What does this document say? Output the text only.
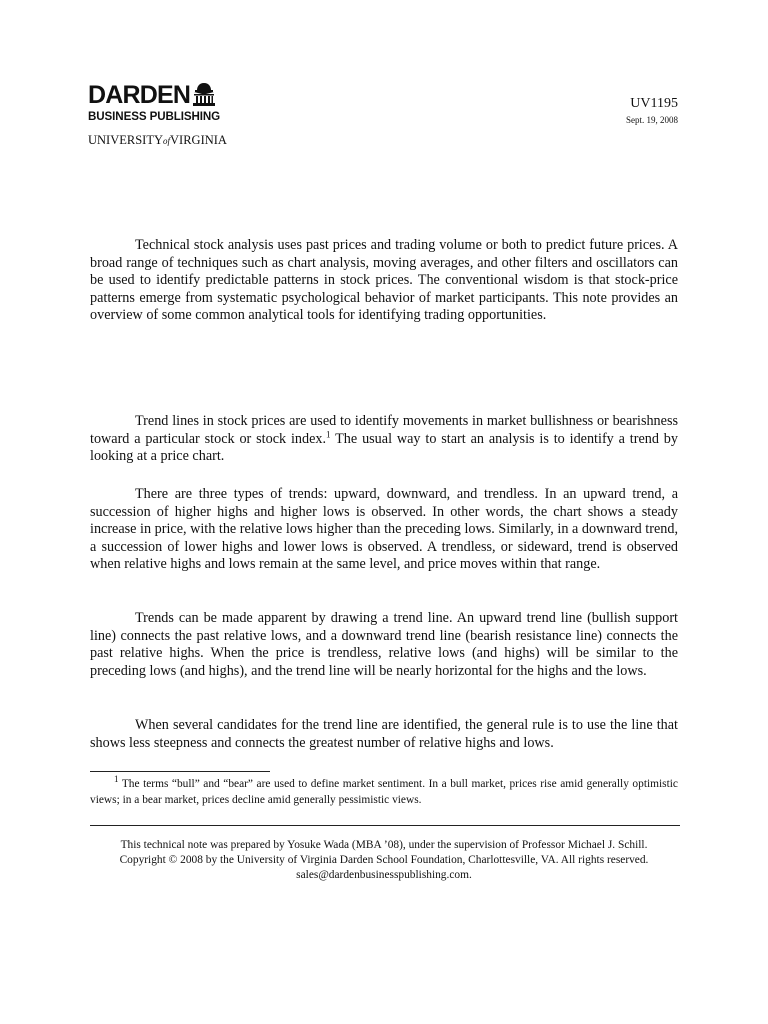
DARDEN
BUSINESS PUBLISHING
UNIVERSITYofVIRGINIA
UV1195
Sept. 19, 2008

Technical stock analysis uses past prices and trading volume or both to predict future prices. A broad range of techniques such as chart analysis, moving averages, and other filters and oscillators can be used to identify predictable patterns in stock prices. The conventional wisdom is that stock-price patterns emerge from systematic psychological behavior of market participants. This note provides an overview of some common analytical tools for identifying trading opportunities.

Trend lines in stock prices are used to identify movements in market bullishness or bearishness toward a particular stock or stock index.$^1$ The usual way to start an analysis is to identify a trend by looking at a price chart.

There are three types of trends: upward, downward, and trendless. In an upward trend, a succession of higher highs and higher lows is observed. In other words, the chart shows a steady increase in price, with the relative lows higher than the preceding lows. Similarly, in a downward trend, a succession of lower highs and lower lows is observed. A trendless, or sideward, trend is observed when relative highs and lows remain at the same level, and price moves within that range.

Trends can be made apparent by drawing a trend line. An upward trend line (bullish support line) connects the past relative lows, and a downward trend line (bearish resistance line) connects the past relative highs. When the price is trendless, relative lows (and highs) will be similar to the preceding lows (and highs), and the trend line will be nearly horizontal for the highs and the lows.

When several candidates for the trend line are identified, the general rule is to use the line that shows less steepness and connects the greatest number of relative highs and lows.

$^1$ The terms “bull” and “bear” are used to define market sentiment. In a bull market, prices rise amid generally optimistic views; in a bear market, prices decline amid generally pessimistic views.

This technical note was prepared by Yosuke Wada (MBA ’08), under the supervision of Professor Michael J. Schill.
Copyright © 2008 by the University of Virginia Darden School Foundation, Charlottesville, VA. All rights reserved.
sales@dardenbusinesspublishing.com.
